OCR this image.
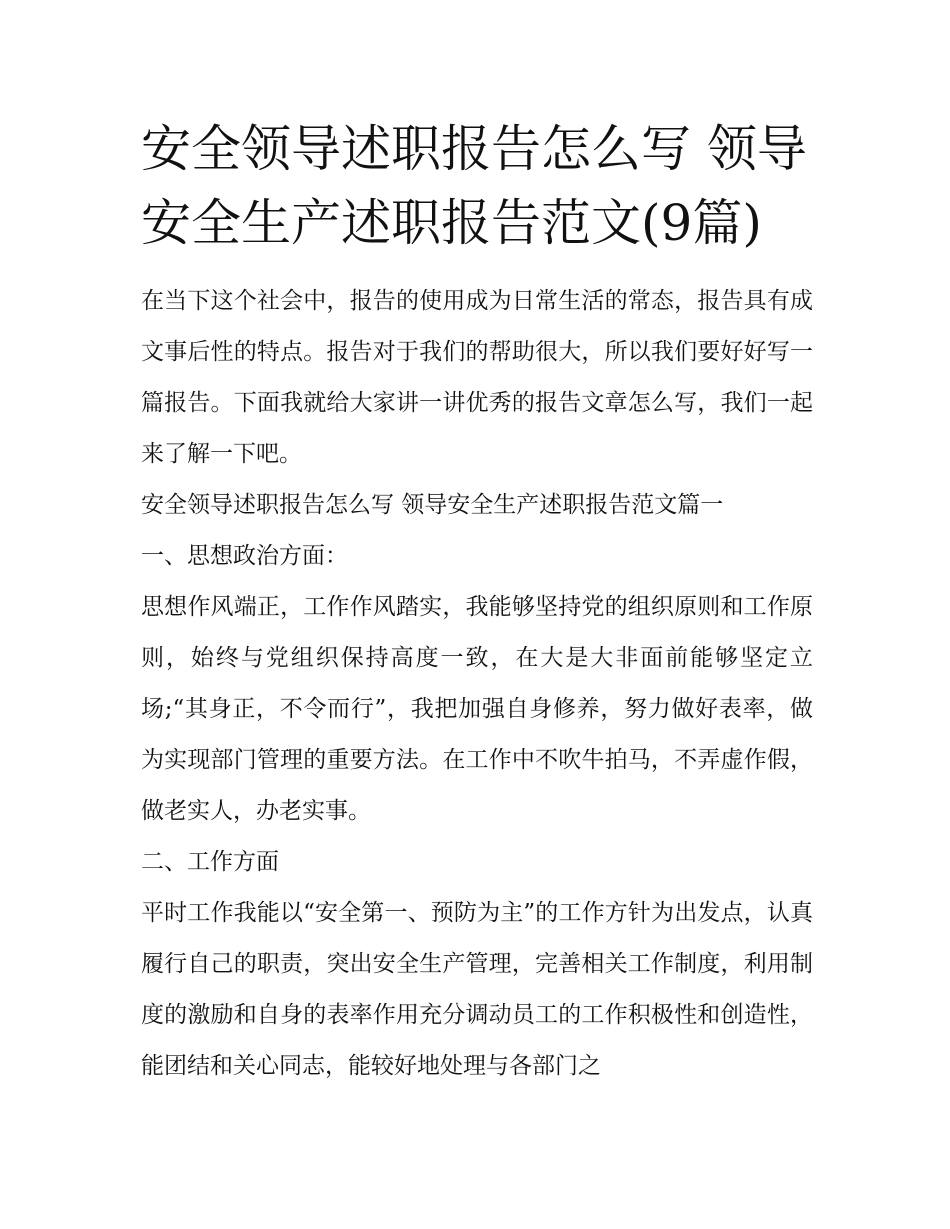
安全领导述职报告怎么写 领导安全生产述职报告范文(9篇)

在当下这个社会中，报告的使用成为日常生活的常态，报告具有成文事后性的特点。报告对于我们的帮助很大，所以我们要好好写一篇报告。下面我就给大家讲一讲优秀的报告文章怎么写，我们一起来了解一下吧。

安全领导述职报告怎么写 领导安全生产述职报告范文篇一

一、思想政治方面：

思想作风端正，工作作风踏实，我能够坚持党的组织原则和工作原则，始终与党组织保持高度一致，在大是大非面前能够坚定立场;“其身正，不令而行”，我把加强自身修养，努力做好表率，做为实现部门管理的重要方法。在工作中不吹牛拍马，不弄虚作假，做老实人，办老实事。

二、工作方面

平时工作我能以“安全第一、预防为主”的工作方针为出发点，认真履行自己的职责，突出安全生产管理，完善相关工作制度，利用制度的激励和自身的表率作用充分调动员工的工作积极性和创造性，能团结和关心同志，能较好地处理与各部门之
